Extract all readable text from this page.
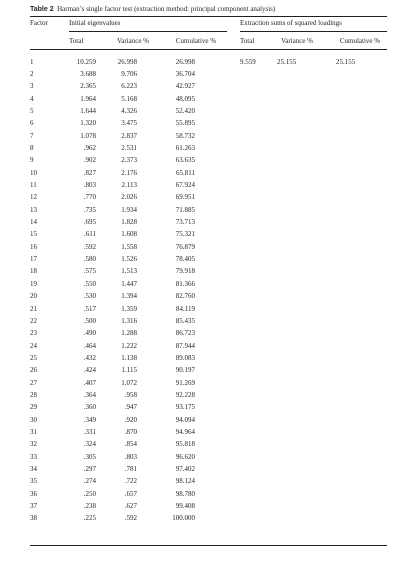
Table 2 Harman’s single factor test (extraction method: principal component analysis)
Factor	Initial eigenvalues	Extraction sums of squared loadings
Total	Variance %	Cumulative %	Total	Variance %	Cumulative %
1	10.259	26.998	26.998	9.559	25.155	25.155
2	3.688	9.706	36.704
3	2.365	6.223	42.927
4	1.964	5.168	48.095
5	1.644	4.326	52.420
6	1.320	3.475	55.895
7	1.078	2.837	58.732
8	.962	2.531	61.263
9	.902	2.373	63.635
10	.827	2.176	65.811
11	.803	2.113	67.924
12	.770	2.026	69.951
13	.735	1.934	71.885
14	.695	1.828	73.713
15	.611	1.608	75.321
16	.592	1.558	76.879
17	.580	1.526	78.405
18	.575	1.513	79.918
19	.550	1.447	81.366
20	.530	1.394	82.760
21	.517	1.359	84.119
22	.500	1.316	85.435
23	.490	1.288	86.723
24	.464	1.222	87.944
25	.432	1.138	89.083
26	.424	1.115	90.197
27	.407	1.072	91.269
28	.364	.958	92.228
29	.360	.947	93.175
30	.349	.920	94.094
31	.331	.870	94.964
32	.324	.854	95.818
33	.305	.803	96.620
34	.297	.781	97.402
35	.274	.722	98.124
36	.250	.657	98.780
37	.238	.627	99.408
38	.225	.592	100.000
